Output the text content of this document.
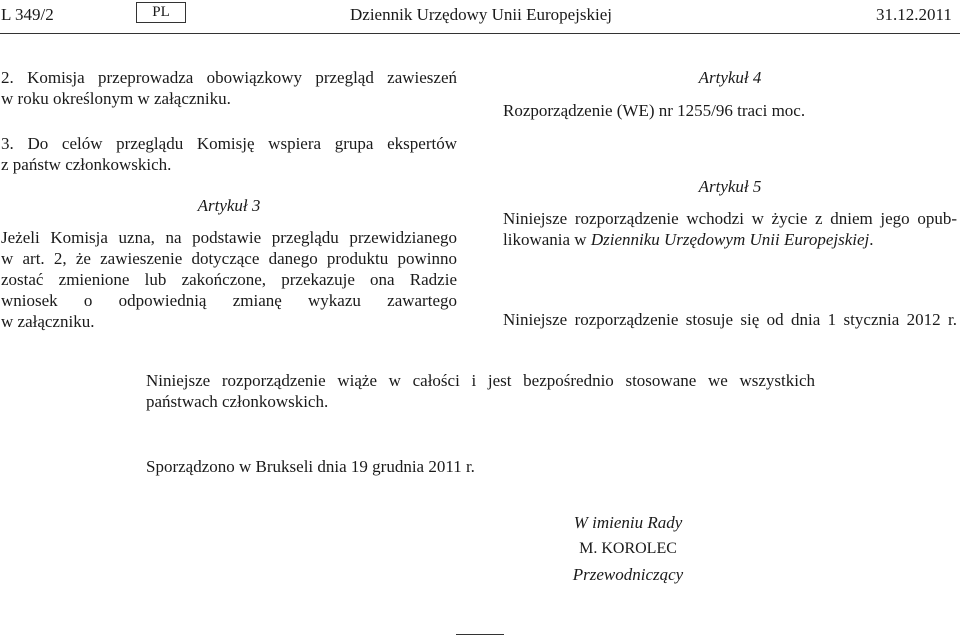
L 349/2	PL	Dziennik Urzędowy Unii Europejskiej	31.12.2011
2. Komisja przeprowadza obowiązkowy przegląd zawieszeń
w roku określonym w załączniku.
3. Do celów przeglądu Komisję wspiera grupa ekspertów
z państw członkowskich.
Artykuł 3
Jeżeli Komisja uzna, na podstawie przeglądu przewidzianego
w art. 2, że zawieszenie dotyczące danego produktu powinno
zostać zmienione lub zakończone, przekazuje ona Radzie
wniosek o odpowiednią zmianę wykazu zawartego
w załączniku.
Artykuł 4
Rozporządzenie (WE) nr 1255/96 traci moc.
Artykuł 5
Niniejsze rozporządzenie wchodzi w życie z dniem jego opub-
likowania w Dzienniku Urzędowym Unii Europejskiej.
Niniejsze rozporządzenie stosuje się od dnia 1 stycznia 2012 r.
Niniejsze rozporządzenie wiąże w całości i jest bezpośrednio stosowane we wszystkich
państwach członkowskich.
Sporządzono w Brukseli dnia 19 grudnia 2011 r.
W imieniu Rady
M. KOROLEC
Przewodniczący
